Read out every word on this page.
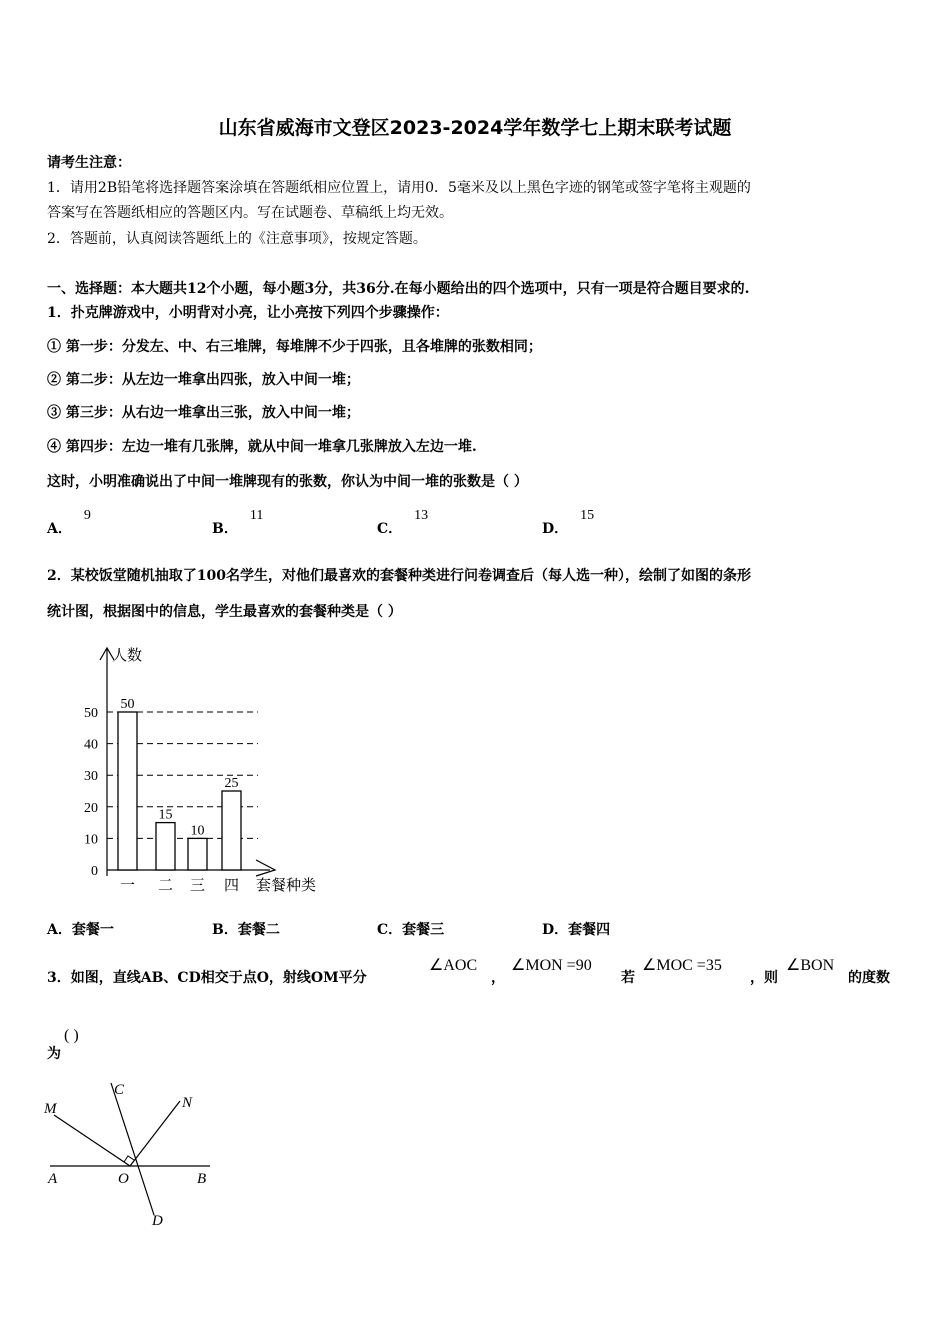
山东省威海市文登区2023-2024学年数学七上期末联考试题
请考生注意：
1．请用2B铅笔将选择题答案涂填在答题纸相应位置上，请用0．5毫米及以上黑色字迹的钢笔或签字笔将主观题的
答案写在答题纸相应的答题区内。写在试题卷、草稿纸上均无效。
2．答题前，认真阅读答题纸上的《注意事项》，按规定答题。
一、选择题：本大题共12个小题，每小题3分，共36分.在每小题给出的四个选项中，只有一项是符合题目要求的.
1．扑克牌游戏中，小明背对小亮，让小亮按下列四个步骤操作：
① 第一步：分发左、中、右三堆牌，每堆牌不少于四张，且各堆牌的张数相同；
② 第二步：从左边一堆拿出四张，放入中间一堆；
③ 第三步：从右边一堆拿出三张，放入中间一堆；
④ 第四步：左边一堆有几张牌，就从中间一堆拿几张牌放入左边一堆.
这时，小明准确说出了中间一堆牌现有的张数，你认为中间一堆的张数是（ ）
A．9
B．11
C．13
D．15
2．某校饭堂随机抽取了100名学生，对他们最喜欢的套餐种类进行问卷调查后（每人选一种），绘制了如图的条形
统计图，根据图中的信息，学生最喜欢的套餐种类是（ ）
人数
套餐种类
0
10
20
30
40
50
50
15
10
25
一 二 三 四
A．套餐一	B．套餐二	C．套餐三	D．套餐四
3．如图，直线AB、CD相交于点O，射线OM平分
∠AOC
，
∠MON =90
若
∠MOC =35
，则
∠BON
的度数
为
( )
M
C
N
A	O	B
D
